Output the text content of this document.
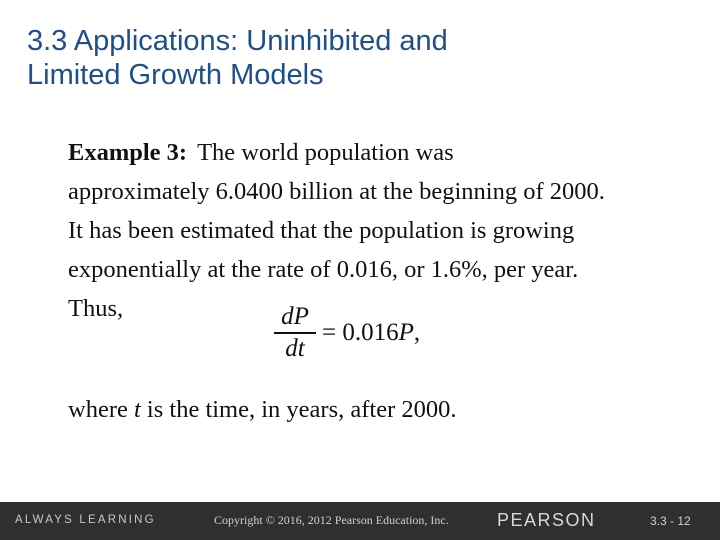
3.3 Applications: Uninhibited and
Limited Growth Models
Example 3: The world population was
approximately 6.0400 billion at the beginning of 2000.
It has been estimated that the population is growing
exponentially at the rate of 0.016, or 1.6%, per year.
Thus,	$\frac{dP}{dt} = 0.016P$,
where t is the time, in years, after 2000.
ALWAYS LEARNING	Copyright © 2016, 2012 Pearson Education, Inc.	PEARSON	3.3 - 12
